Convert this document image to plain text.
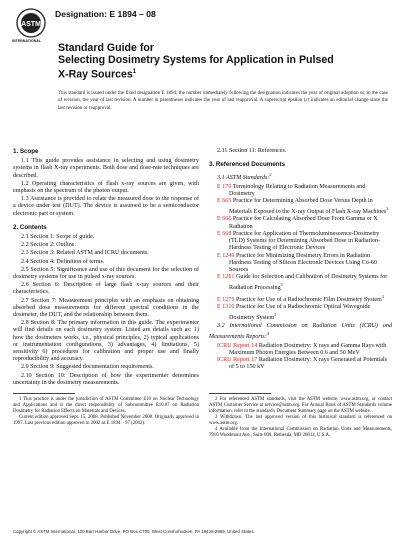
ASTM
INTERNATIONAL
Designation: E 1894 – 08
Standard Guide for
Selecting Dosimetry Systems for Application in Pulsed
X-Ray Sources$^1$
This standard is issued under the fixed designation E 1894; the number immediately following the designation indicates the year of original adoption or, in the case of revision, the year of last revision. A number in parentheses indicates the year of last reapproval. A superscript epsilon (ε) indicates an editorial change since the last revision or reapproval.
1. Scope

1.1 This guide provides assistance in selecting and using dosimetry systems in flash X-ray experiments. Both dose and dose-rate techniques are described.

1.2 Operating characteristics of flash x-ray sources are given, with emphasis on the spectrum of the photon output.

1.3 Assistance is provided to relate the measured dose to the response of a device under test (DUT). The device is assumed to be a semiconductor electronic part or system.

2. Contents

2.1 Section 1: Scope of guide.

2.2 Section 2: Outline.

2.3 Section 3: Related ASTM and ICRU documents.

2.4 Section 4: Definition of terms.

2.5 Section 5: Significance and use of this document for the selection of dosimetry systems for use in pulsed x-ray sources.

2.6 Section 6: Description of large flash x-ray sources and their characteristics.

2.7 Section 7: Measurement principles with an emphasis on obtaining absorbed dose measurements for different spectral conditions in the dosimeter, the DUT, and the relationship between them.

2.8 Section 8: The primary information in this guide. The experimenter will find details on each dosimetry system. Listed are details such as: 1) how the dosimeters works, i.e., physical principles, 2) typical applications or instrumentation configurations, 3) advantages, 4) limitations, 5) sensitivity 6) procedures for calibration and proper use and finally reproducibility and accuracy.

2.9 Section 9: Suggested documentation requirements.

2.10 Section 10: Description of how the experimenter determines uncertainty in the dosimetry measurements.

1 This practice is under the jurisdiction of ASTM Committee E10 on Nuclear Technology and Applications and is the direct responsibility of Subcommittee E10.07 on Radiation Dosimetry for Radiation Effects on Materials and Devices.

Current edition approved Sept. 15, 2008. Published November 2008. Originally approved in 1997. Last previous edition approved in 2002 as E 1894 – 97 (2002).

2.11 Section 11: References.

3. Referenced Documents

3.1 ASTM Standards:$^2$

E 170 Terminology Relating to Radiation Measurements and Dosimetry

E 665 Practice for Determining Absorbed Dose Versus Depth in Materials Exposed to the X-ray Output of Flash X-ray Machines$^3$

E 666 Practice for Calculating Absorbed Dose From Gamma or X Radiation

E 668 Practice for Application of Thermoluminescence-Dosimetry (TLD) Systems for Determining Absorbed Dose in Radiation-Hardness Testing of Electronic Devices

E 1249 Practice for Minimizing Dosimetry Errors in Radiation Hardness Testing of Silicon Electronic Devices Using Co-60 Sources

E 1261 Guide for Selection and Calibration of Dosimetry Systems for Radiation Processing$^3$

E 1275 Practice for Use of a Radiochromic Film Dosimetry System$^3$

E 1310 Practice for Use of a Radiochromic Optical Waveguide Dosimetry System$^3$

3.2 International Commission on Radiation Units (ICRU) and Measurements Reports:$^4$

ICRU Report 14 Radiation Dosimetry: X rays and Gamma Rays with Maximum Photon Energies Between 0.6 and 50 MeV

ICRU Report 17 Radiation Dosimetry: X rays Generated at Potentials of 5 to 150 kV

2 For referenced ASTM standards, visit the ASTM website, www.astm.org, or contact ASTM Customer Service at service@astm.org. For Annual Book of ASTM Standards volume information, refer to the standard's Document Summary page on the ASTM website.

3 Withdrawn. The last approved version of this historical standard is referenced on www.astm.org.

4 Available from the International Commission on Radiation Units and Measurements, 7910 Woodmont Ave., Suite 800, Bethesda, MD 20814, U.S.A.

Copyright © ASTM International, 100 Barr Harbor Drive, PO Box C700, West Conshohocken, PA 19428-2959, United States.
